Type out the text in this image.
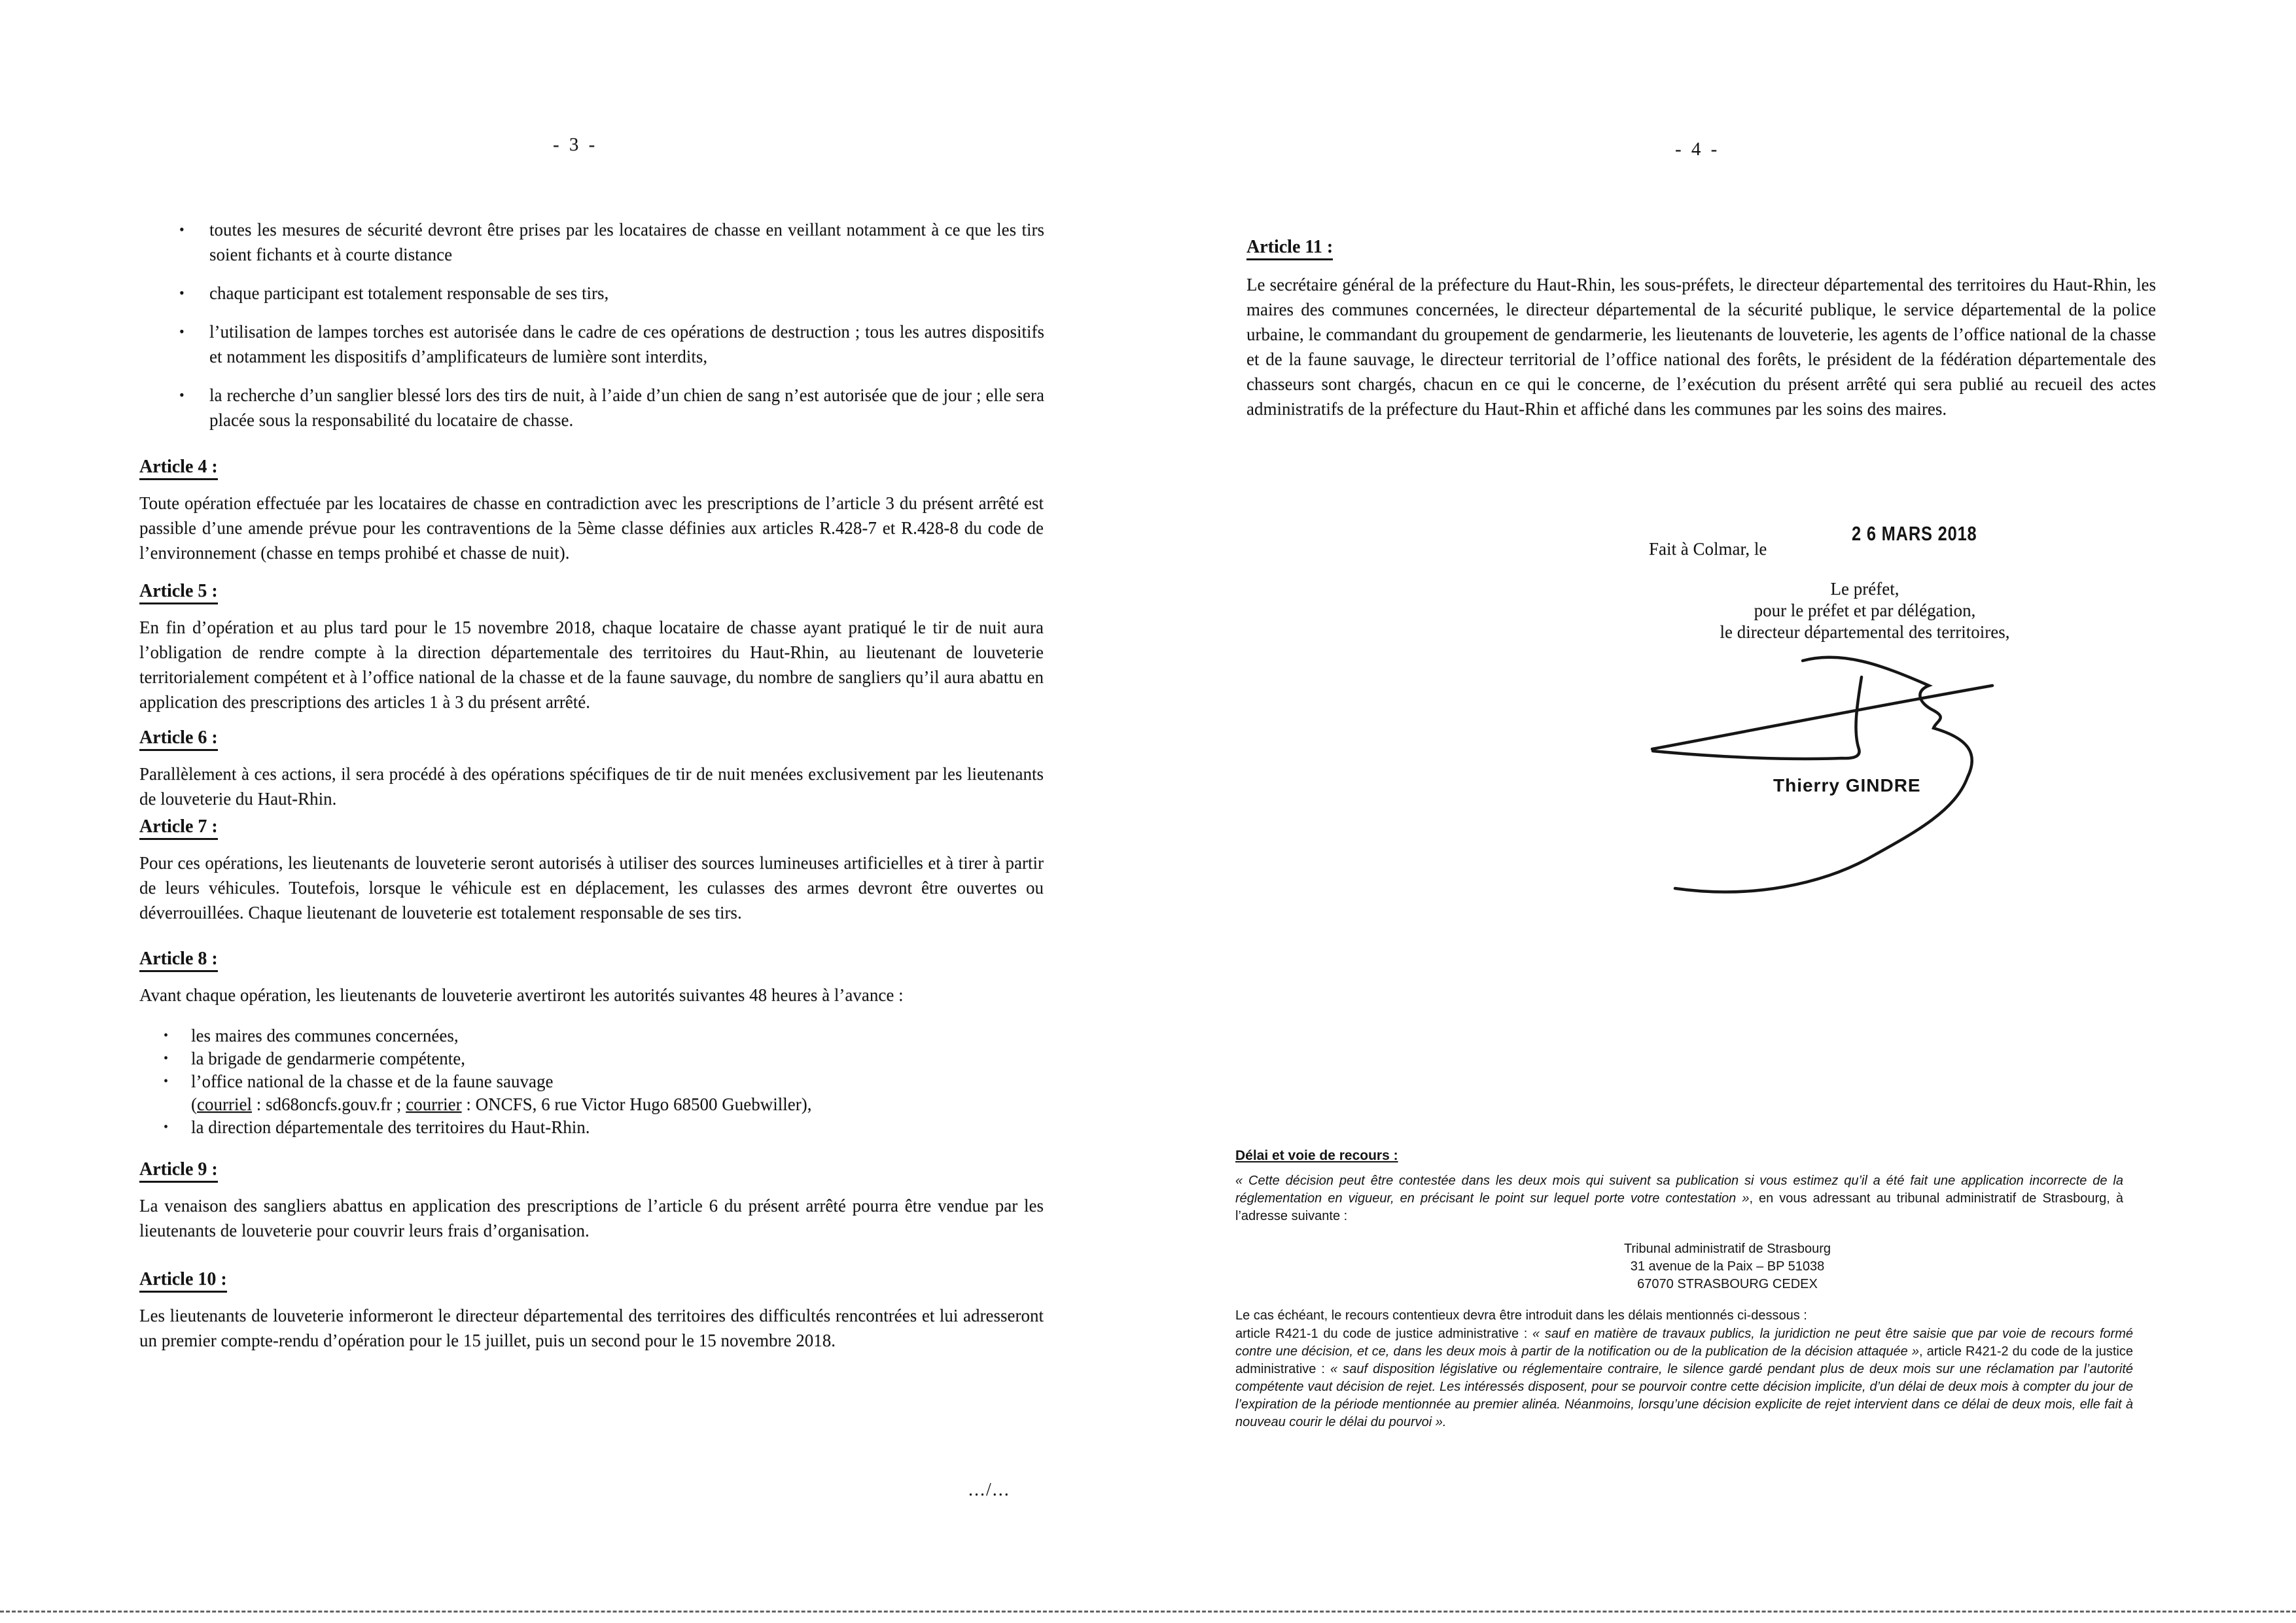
- 3 -
•	toutes les mesures de sécurité devront être prises par les locataires de chasse en veillant notamment à ce que les tirs soient fichants et à courte distance
•	chaque participant est totalement responsable de ses tirs,
•	l’utilisation de lampes torches est autorisée dans le cadre de ces opérations de destruction ; tous les autres dispositifs et notamment les dispositifs d’amplificateurs de lumière sont interdits,
•	la recherche d’un sanglier blessé lors des tirs de nuit, à l’aide d’un chien de sang n’est autorisée que de jour ; elle sera placée sous la responsabilité du locataire de chasse.
Article 4 :
Toute opération effectuée par les locataires de chasse en contradiction avec les prescriptions de l’article 3 du présent arrêté est passible d’une amende prévue pour les contraventions de la 5ème classe définies aux articles R.428-7 et R.428-8 du code de l’environnement (chasse en temps prohibé et chasse de nuit).
Article 5 :
En fin d’opération et au plus tard pour le 15 novembre 2018, chaque locataire de chasse ayant pratiqué le tir de nuit aura l’obligation de rendre compte à la direction départementale des territoires du Haut-Rhin, au lieutenant de louveterie territorialement compétent et à l’office national de la chasse et de la faune sauvage, du nombre de sangliers qu’il aura abattu en application des prescriptions des articles 1 à 3 du présent arrêté.
Article 6 :
Parallèlement à ces actions, il sera procédé à des opérations spécifiques de tir de nuit menées exclusivement par les lieutenants de louveterie du Haut-Rhin.
Article 7 :
Pour ces opérations, les lieutenants de louveterie seront autorisés à utiliser des sources lumineuses artificielles et à tirer à partir de leurs véhicules. Toutefois, lorsque le véhicule est en déplacement, les culasses des armes devront être ouvertes ou déverrouillées. Chaque lieutenant de louveterie est totalement responsable de ses tirs.
Article 8 :
Avant chaque opération, les lieutenants de louveterie avertiront les autorités suivantes 48 heures à l’avance :
•	les maires des communes concernées,
•	la brigade de gendarmerie compétente,
•	l’office national de la chasse et de la faune sauvage
(courriel : sd68oncfs.gouv.fr ; courrier : ONCFS, 6 rue Victor Hugo 68500 Guebwiller),
•	la direction départementale des territoires du Haut-Rhin.
Article 9 :
La venaison des sangliers abattus en application des prescriptions de l’article 6 du présent arrêté pourra être vendue par les lieutenants de louveterie pour couvrir leurs frais d’organisation.
Article 10 :
Les lieutenants de louveterie informeront le directeur départemental des territoires des difficultés rencontrées et lui adresseront un premier compte-rendu d’opération pour le 15 juillet, puis un second pour le 15 novembre 2018.
.../...
- 4 -
Article 11 :
Le secrétaire général de la préfecture du Haut-Rhin, les sous-préfets, le directeur départemental des territoires du Haut-Rhin, les maires des communes concernées, le directeur départemental de la sécurité publique, le service départemental de la police urbaine, le commandant du groupement de gendarmerie, les lieutenants de louveterie, les agents de l’office national de la chasse et de la faune sauvage, le directeur territorial de l’office national des forêts, le président de la fédération départementale des chasseurs sont chargés, chacun en ce qui le concerne, de l’exécution du présent arrêté qui sera publié au recueil des actes administratifs de la préfecture du Haut-Rhin et affiché dans les communes par les soins des maires.
Fait à Colmar, le
2 6 MARS 2018
Le préfet,
pour le préfet et par délégation,
le directeur départemental des territoires,
Thierry GINDRE
Délai et voie de recours :
« Cette décision peut être contestée dans les deux mois qui suivent sa publication si vous estimez qu’il a été fait une application incorrecte de la réglementation en vigueur, en précisant le point sur lequel porte votre contestation », en vous adressant au tribunal administratif de Strasbourg, à l’adresse suivante :
Tribunal administratif de Strasbourg
31 avenue de la Paix – BP 51038
67070 STRASBOURG CEDEX
Le cas échéant, le recours contentieux devra être introduit dans les délais mentionnés ci-dessous :
article R421-1 du code de justice administrative : « sauf en matière de travaux publics, la juridiction ne peut être saisie que par voie de recours formé contre une décision, et ce, dans les deux mois à partir de la notification ou de la publication de la décision attaquée », article R421-2 du code de la justice administrative : « sauf disposition législative ou réglementaire contraire, le silence gardé pendant plus de deux mois sur une réclamation par l’autorité compétente vaut décision de rejet. Les intéressés disposent, pour se pourvoir contre cette décision implicite, d’un délai de deux mois à compter du jour de l’expiration de la période mentionnée au premier alinéa. Néanmoins, lorsqu’une décision explicite de rejet intervient dans ce délai de deux mois, elle fait à nouveau courir le délai du pourvoi ».
